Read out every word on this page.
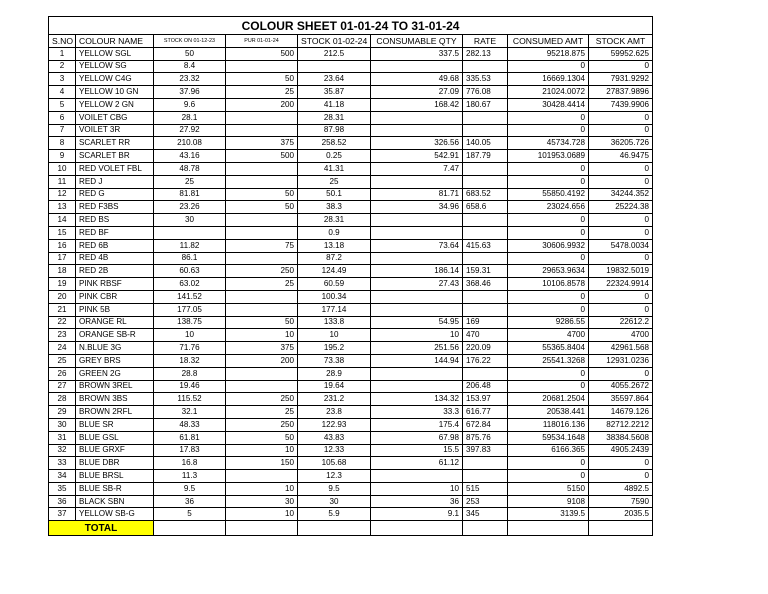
COLOUR SHEET 01-01-24 TO 31-01-24								
S.NO	COLOUR NAME	STOCK ON 01-12-23	PUR 01-01-24	STOCK 01-02-24	CONSUMABLE QTY	RATE	CONSUMED AMT	STOCK AMT
1	YELLOW SGL	50	500	212.5	337.5	282.13	95218.875	59952.625
2	YELLOW SG	8.4					0	0
3	YELLOW C4G	23.32	50	23.64	49.68	335.53	16669.1304	7931.9292
4	YELLOW 10 GN	37.96	25	35.87	27.09	776.08	21024.0072	27837.9896
5	YELLOW 2 GN	9.6	200	41.18	168.42	180.67	30428.4414	7439.9906
6	VOILET CBG	28.1		28.31			0	0
7	VOILET 3R	27.92		87.98			0	0
8	SCARLET RR	210.08	375	258.52	326.56	140.05	45734.728	36205.726
9	SCARLET BR	43.16	500	0.25	542.91	187.79	101953.0689	46.9475
10	RED VOLET FBL	48.78		41.31	7.47		0	0
11	RED J	25		25			0	0
12	RED G	81.81	50	50.1	81.71	683.52	55850.4192	34244.352
13	RED F3BS	23.26	50	38.3	34.96	658.6	23024.656	25224.38
14	RED BS	30		28.31			0	0
15	RED BF			0.9			0	0
16	RED 6B	11.82	75	13.18	73.64	415.63	30606.9932	5478.0034
17	RED 4B	86.1		87.2			0	0
18	RED 2B	60.63	250	124.49	186.14	159.31	29653.9634	19832.5019
19	PINK RBSF	63.02	25	60.59	27.43	368.46	10106.8578	22324.9914
20	PINK CBR	141.52		100.34			0	0
21	PINK 5B	177.05		177.14			0	0
22	ORANGE RL	138.75	50	133.8	54.95	169	9286.55	22612.2
23	ORANGE SB-R	10	10	10	10	470	4700	4700
24	N.BLUE 3G	71.76	375	195.2	251.56	220.09	55365.8404	42961.568
25	GREY BRS	18.32	200	73.38	144.94	176.22	25541.3268	12931.0236
26	GREEN 2G	28.8		28.9			0	0
27	BROWN 3REL	19.46		19.64		206.48	0	4055.2672
28	BROWN 3BS	115.52	250	231.2	134.32	153.97	20681.2504	35597.864
29	BROWN 2RFL	32.1	25	23.8	33.3	616.77	20538.441	14679.126
30	BLUE SR	48.33	250	122.93	175.4	672.84	118016.136	82712.2212
31	BLUE GSL	61.81	50	43.83	67.98	875.76	59534.1648	38384.5608
32	BLUE GRXF	17.83	10	12.33	15.5	397.83	6166.365	4905.2439
33	BLUE DBR	16.8	150	105.68	61.12		0	0
34	BLUE BRSL	11.3		12.3			0	0
35	BLUE SB-R	9.5	10	9.5	10	515	5150	4892.5
36	BLACK SBN	36	30	30	36	253	9108	7590
37	YELLOW SB-G	5	10	5.9	9.1	345	3139.5	2035.5
TOTAL								
